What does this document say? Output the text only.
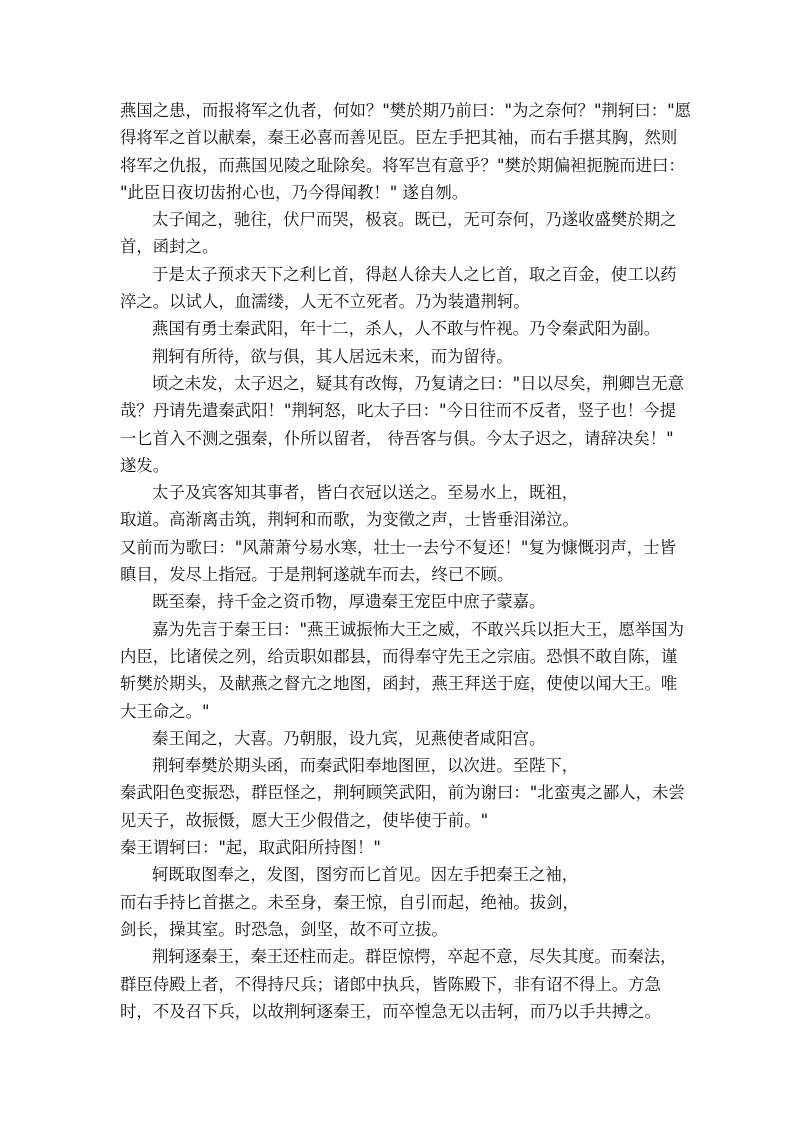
燕国之患，而报将军之仇者，何如？"樊於期乃前曰："为之奈何？"荆轲曰："愿
得将军之首以献秦，秦王必喜而善见臣。臣左手把其袖，而右手揕其胸，然则
将军之仇报，而燕国见陵之耻除矣。将军岂有意乎？"樊於期偏袒扼腕而进曰：
"此臣日夜切齿拊心也，乃今得闻教！" 遂自刎。
太子闻之，驰往，伏尸而哭，极哀。既已，无可奈何，乃遂收盛樊於期之
首，函封之。
于是太子预求天下之利匕首，得赵人徐夫人之匕首，取之百金，使工以药
淬之。以试人，血濡缕，人无不立死者。乃为装遣荆轲。
燕国有勇士秦武阳，年十二，杀人，人不敢与忤视。乃令秦武阳为副。
荆轲有所待，欲与俱，其人居远未来，而为留待。
顷之未发，太子迟之，疑其有改悔，乃复请之曰："日以尽矣，荆卿岂无意
哉？丹请先遣秦武阳！"荆轲怒，叱太子曰："今日往而不反者，竖子也！今提
一匕首入不测之强秦，仆所以留者， 待吾客与俱。今太子迟之，请辞决矣！"
遂发。
太子及宾客知其事者，皆白衣冠以送之。至易水上，既祖，
取道。高渐离击筑，荆轲和而歌，为变徵之声，士皆垂泪涕泣。
又前而为歌曰："风萧萧兮易水寒，壮士一去兮不复还！"复为慷慨羽声，士皆
瞋目，发尽上指冠。于是荆轲遂就车而去，终已不顾。
既至秦，持千金之资币物，厚遗秦王宠臣中庶子蒙嘉。
嘉为先言于秦王曰："燕王诚振怖大王之威，不敢兴兵以拒大王，愿举国为
内臣，比诸侯之列，给贡职如郡县，而得奉守先王之宗庙。恐惧不敢自陈，谨
斩樊於期头，及献燕之督亢之地图，函封，燕王拜送于庭，使使以闻大王。唯
大王命之。"
秦王闻之，大喜。乃朝服，设九宾，见燕使者咸阳宫。
荆轲奉樊於期头函，而秦武阳奉地图匣，以次进。至陛下，
秦武阳色变振恐，群臣怪之，荆轲顾笑武阳，前为谢曰："北蛮夷之鄙人，未尝
见天子，故振慑，愿大王少假借之，使毕使于前。"
秦王谓轲曰："起，取武阳所持图！"
轲既取图奉之，发图，图穷而匕首见。因左手把秦王之袖，
而右手持匕首揕之。未至身，秦王惊，自引而起，绝袖。拔剑，
剑长，操其室。时恐急，剑坚，故不可立拔。
荆轲逐秦王，秦王还柱而走。群臣惊愕，卒起不意，尽失其度。而秦法，
群臣侍殿上者，不得持尺兵；诸郎中执兵，皆陈殿下，非有诏不得上。方急
时，不及召下兵，以故荆轲逐秦王，而卒惶急无以击轲，而乃以手共搏之。
